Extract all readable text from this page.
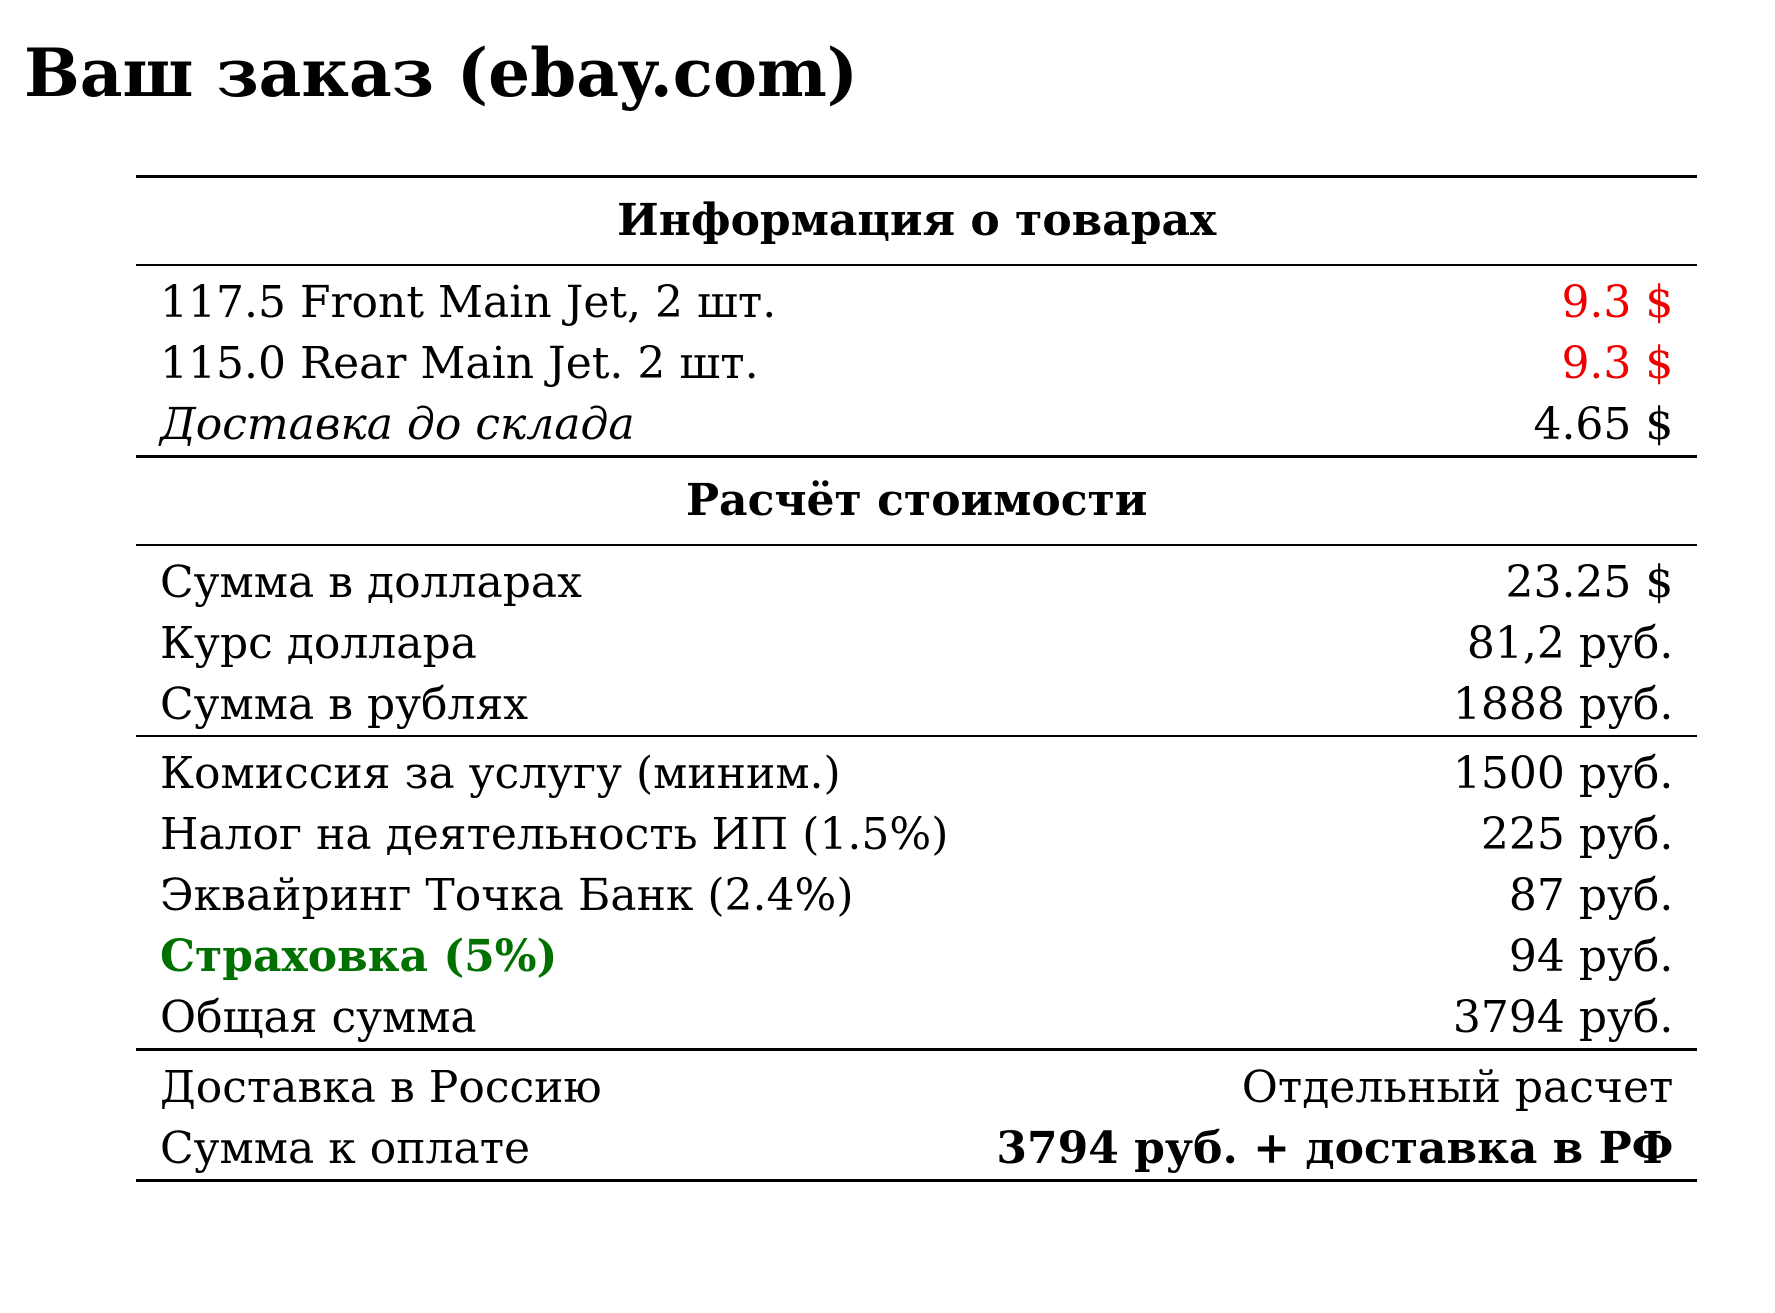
Ваш заказ (ebay.com)
Информация о товарах	
117.5 Front Main Jet, 2 шт.	9.3 $
115.0 Rear Main Jet. 2 шт.	9.3 $
Доставка до склада	4.65 $
Расчёт стоимости	
Сумма в долларах	23.25 $
Курс доллара	81,2 руб.
Сумма в рублях	1888 руб.
Комиссия за услугу (миним.)	1500 руб.
Налог на деятельность ИП (1.5%)	225 руб.
Эквайринг Точка Банк (2.4%)	87 руб.
Страховка (5%)	94 руб.
Общая сумма	3794 руб.
Доставка в Россию	Отдельный расчет
Сумма к оплате	3794 руб. + доставка в РФ
